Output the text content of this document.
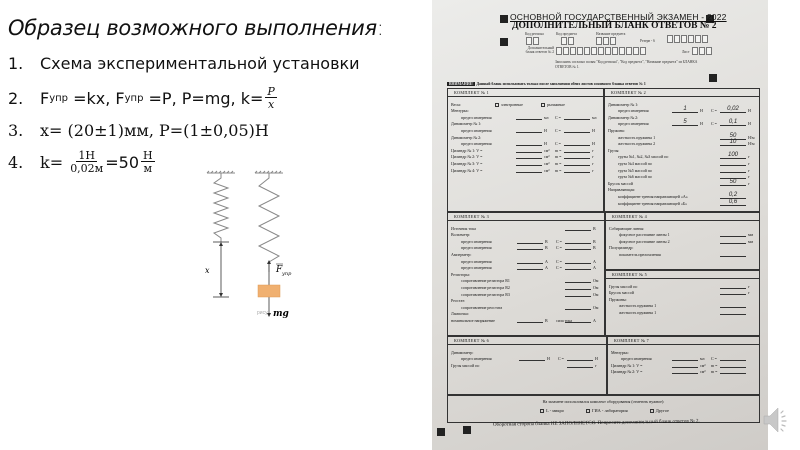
Образец возможного выполнения:
1.	Схема экспериментальной установки
2.	F упр =kx, F упр =P, P=mg, $k= \frac{P}{x}$
3.	x= (20±1)мм, P=(1±0,05)Н
4.	$k= \frac{1Н}{0,02м} =50 \frac{Н}{м}$
x	F упр
рису mg
ОСНОВНОЙ ГОСУДАРСТВЕННЫЙ ЭКЗАМЕН - 2022
ДОПОЛНИТЕЛЬНЫЙ БЛАНК ОТВЕТОВ № 2
Код региона	Код предмета	Название предмета
Резерв - 6
Дополнительный бланк ответов № 2	Лист
Заполнить согласно полям "Код региона", "Код предмета", "Название предмета" из БЛАНКА ОТВЕТОВ № 1.
ВНИМАНИЕ! Данный бланк использовать только после заполнения обеих листов основного бланка ответов № 1
КОМПЛЕКТ № 1
Весы:	электронные	рычажные
Мензурка:
предел измерения	мл	С =	мл
Динамометр № 1:
предел измерения	Н	С =	Н
Динамометр № 2:
предел измерения	Н	С =	Н
Цилиндр № 1: V =	см³	m =	г
Цилиндр № 2: V =	см³	m =	г
Цилиндр № 3: V =	см³	m =	г
Цилиндр № 4: V =	см³	m =	г
КОМПЛЕКТ № 2
Динамометр № 1:
предел измерения	1	Н	С =	0,02	Н
Динамометр № 2:
предел измерения	5	Н	С =	0,1	Н
Пружина:
жесткость пружины 1	50	Н/м
жесткость пружины 2	10	Н/м
Грузы:
грузы №1, №2, №3 массой по	100	г
груза №4 массой по	г
груза №5 массой по	г
груза №6 массой по	г
Брусок массой	50	г
Направляющая:
коэффициент трения направляющей «А»	0,2
коэффициент трения направляющей «Б»	0,6
КОМПЛЕКТ № 3
Источник тока	В
Вольтметр:
предел измерения	В	С =	В
предел измерения	В	С =	В
Амперметр:
предел измерения	А	С =	А
предел измерения	А	С =	А
Резисторы:
сопротивление резистора R1	Ом
сопротивление резистора R2	Ом
сопротивление резистора R3	Ом
Реостат:
сопротивление реостата	Ом
Лампочка:
номинальное напряжение	В	сила тока	А
КОМПЛЕКТ № 4
Собирающие линзы:
фокусное расстояние линзы 1	мм
фокусное расстояние линзы 2	мм
Полуцилиндр:
показатель преломления
КОМПЛЕКТ № 5
Грузы массой по	г
Брусок массой	г
Пружины:
жесткость пружины 1
жесткость пружины 1
КОМПЛЕКТ № 6
Динамометр:
предел измерения	Н	С =	Н
Грузы массой по	г
КОМПЛЕКТ № 7
Мензурка:
предел измерения	мл	С =
Цилиндр № 1: V =	см³	m =
Цилиндр № 2: V =	см³	m =
На экзамене использовался комплект оборудования (отметить нужное):
L - микро	ГИА - лаборатория	Другое
Оборотная сторона бланка НЕ ЗАПОЛНЯЕТСЯ. Попросите дополнительный бланк ответов № 2.
